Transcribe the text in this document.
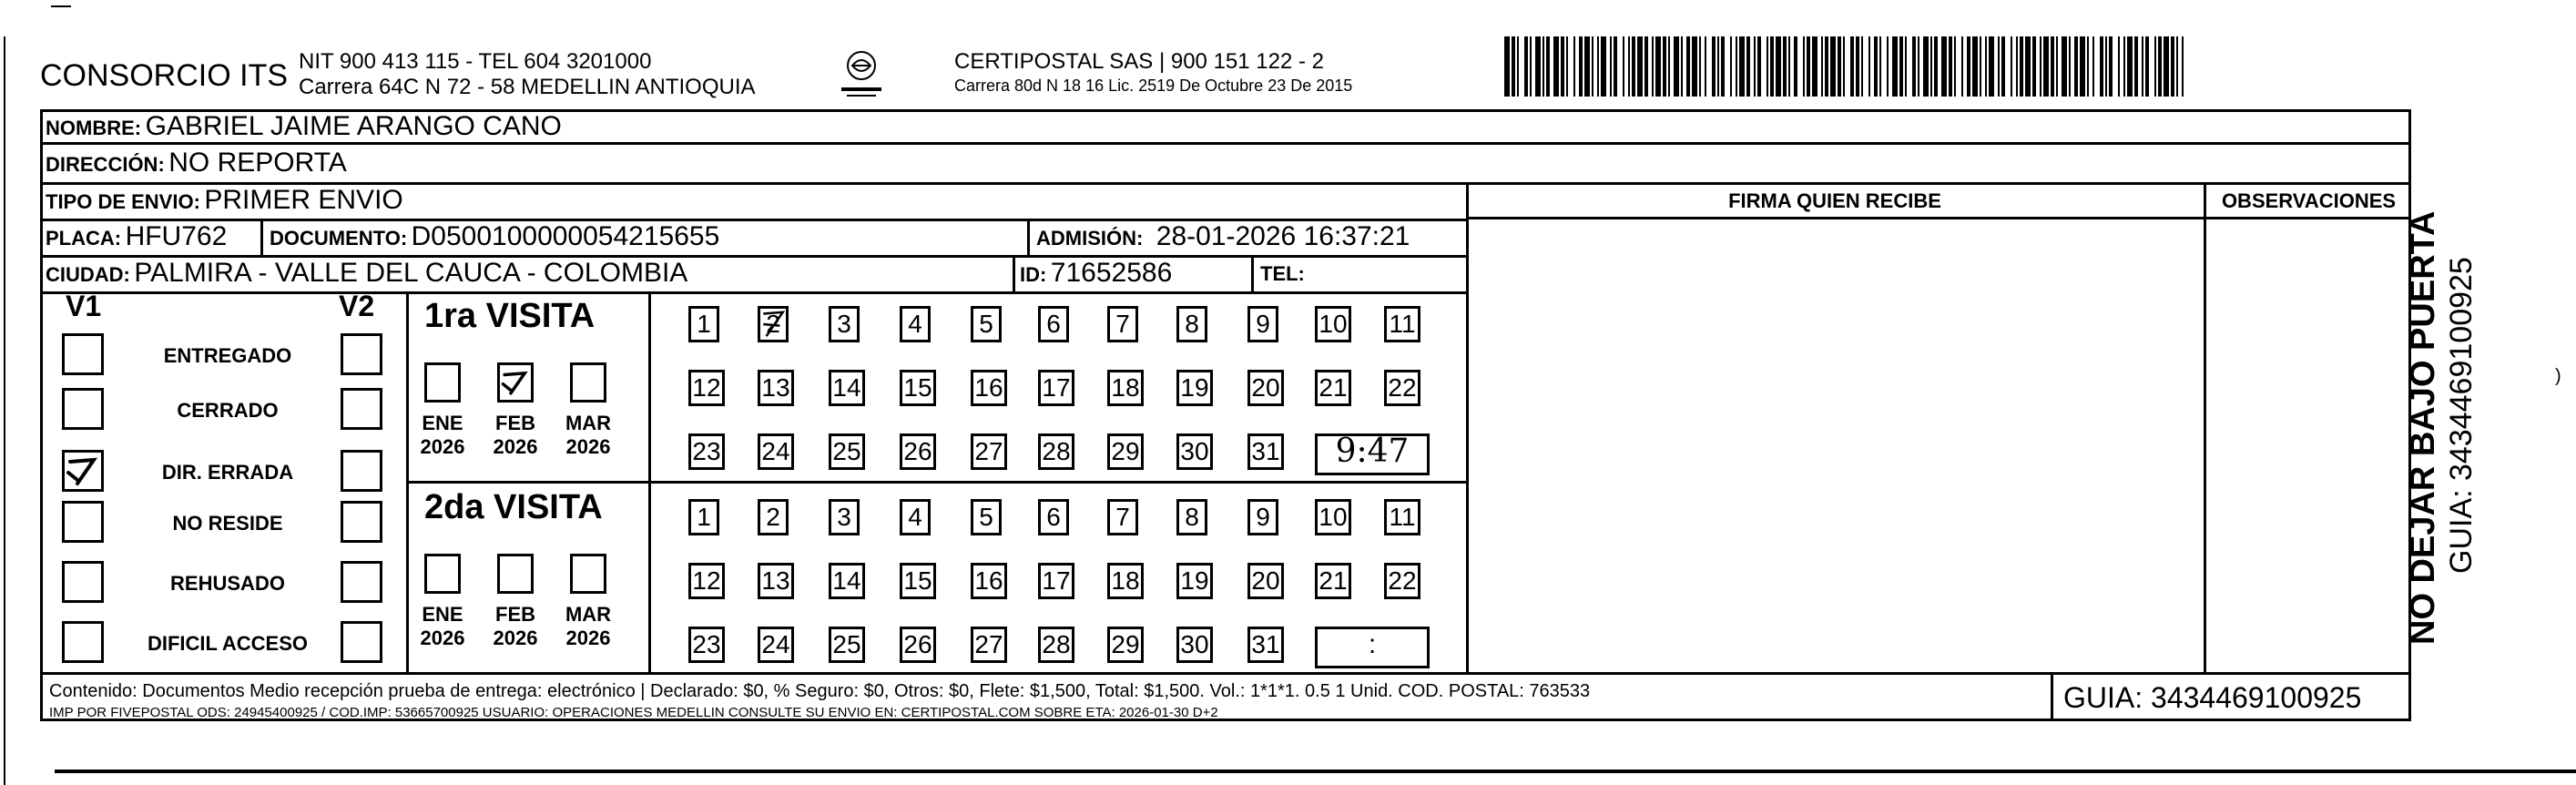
CONSORCIO ITS NIT 900 413 115 - TEL 604 3201000
Carrera 64C N 72 - 58 MEDELLIN ANTIOQUIA
CERTIPOSTAL SAS | 900 151 122 - 2
Carrera 80d N 18 16 Lic. 2519 De Octubre 23 De 2015
NOMBRE: GABRIEL JAIME ARANGO CANO
DIRECCIÓN: NO REPORTA
TIPO DE ENVIO: PRIMER ENVIO	FIRMA QUIEN RECIBE	OBSERVACIONES
PLACA: HFU762 DOCUMENTO: D0500100000054215655	ADMISIÓN: 28-01-2026 16:37:21
CIUDAD: PALMIRA - VALLE DEL CAUCA - COLOMBIA	ID: 71652586	TEL:
V1	V2
ENTREGADO
CERRADO
DIR. ERRADA
NO RESIDE
REHUSADO
DIFICIL ACCESO
1ra VISITA
2da VISITA
ENE
2026
FEB
2026
MAR
2026
ENE
2026
FEB
2026
MAR
2026
1	2	3	4	5	6	7	8	9	10 11
12 13 14 15 16 17 18 19 20 21 22
23 24 25 26 27 28 29 30 31	9:47
1	2	3	4	5	6	7	8	9	10 11
12 13 14 15 16 17 18 19 20 21 22
23 24 25 26 27 28 29 30 31	:
Contenido: Documentos Medio recepción prueba de entrega: electrónico | Declarado: $0, % Seguro: $0, Otros: $0, Flete: $1,500, Total: $1,500. Vol.: 1*1*1. 0.5 1 Unid. COD. POSTAL: 763533
IMP POR FIVEPOSTAL ODS: 24945400925 / COD.IMP: 53665700925 USUARIO: OPERACIONES MEDELLIN CONSULTE SU ENVIO EN: CERTIPOSTAL.COM SOBRE ETA: 2026-01-30 D+2	GUIA: 3434469100925
NO DEJAR BAJO PUERTA GUIA: 3434469100925	)
